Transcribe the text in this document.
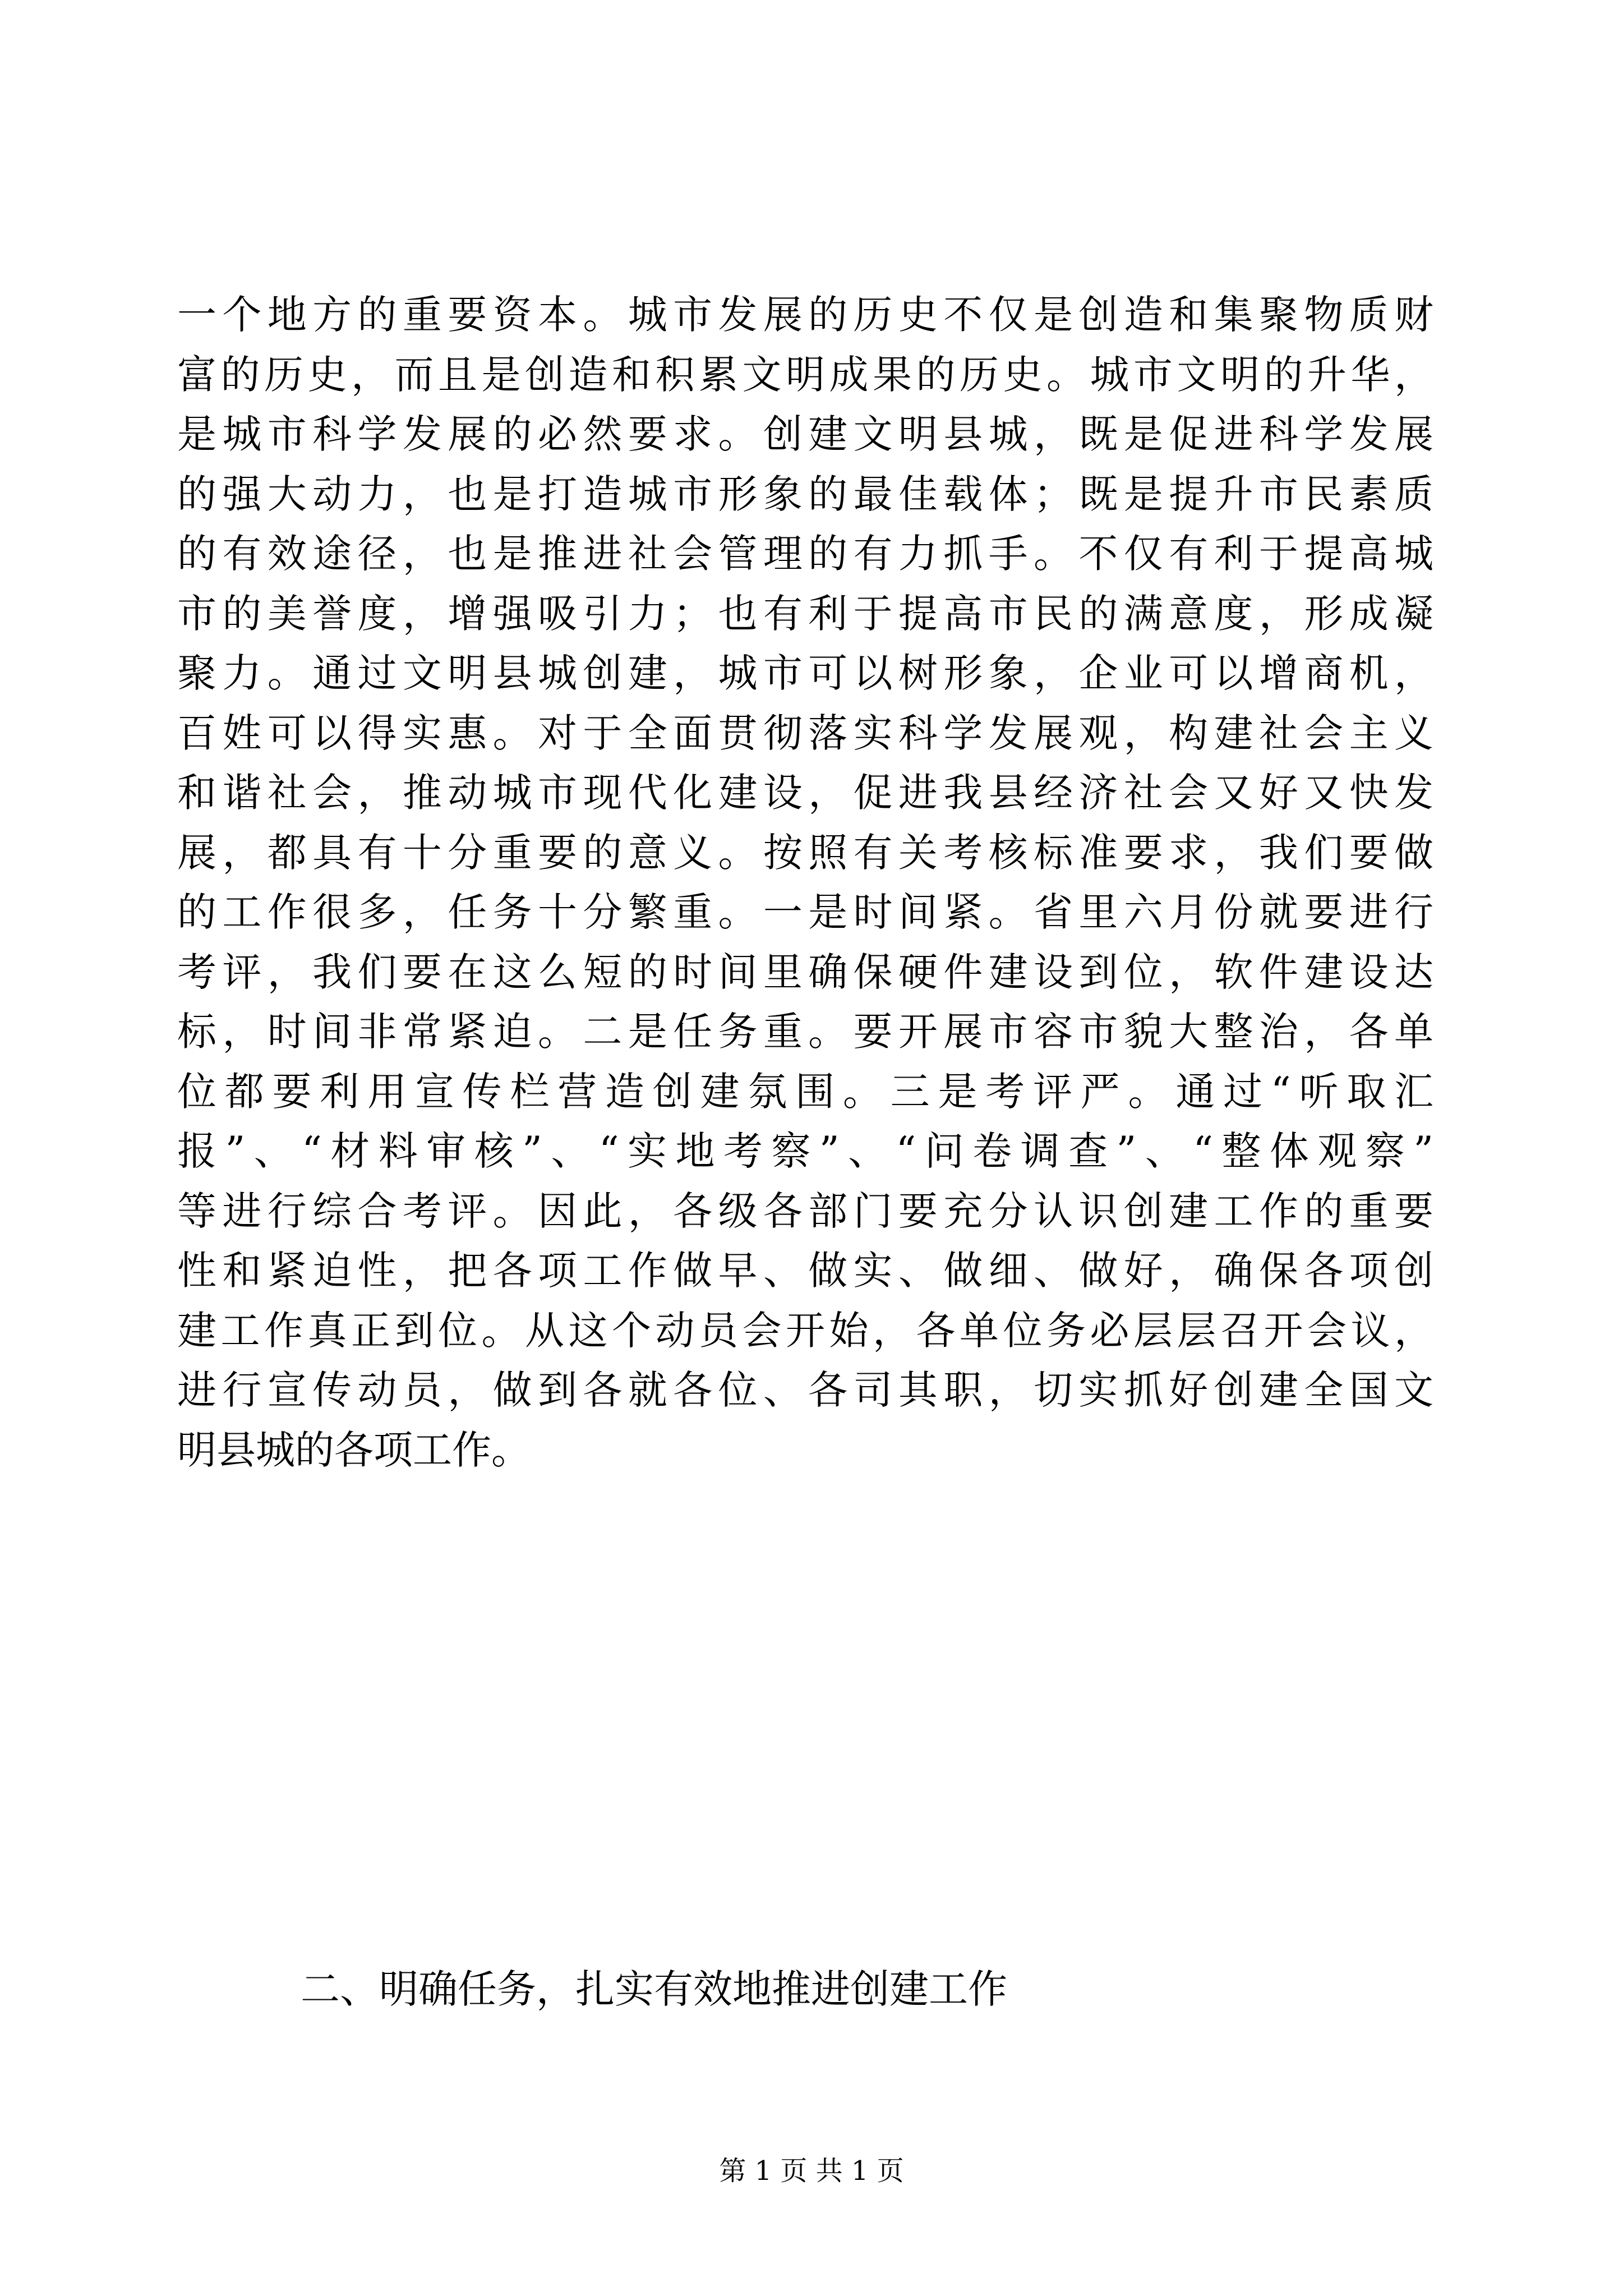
一个地方的重要资本。城市发展的历史不仅是创造和集聚物质财
富的历史，而且是创造和积累文明成果的历史。城市文明的升华，
是城市科学发展的必然要求。创建文明县城，既是促进科学发展
的强大动力，也是打造城市形象的最佳载体；既是提升市民素质
的有效途径，也是推进社会管理的有力抓手。不仅有利于提高城
市的美誉度，增强吸引力；也有利于提高市民的满意度，形成凝
聚力。通过文明县城创建，城市可以树形象，企业可以增商机，
百姓可以得实惠。对于全面贯彻落实科学发展观，构建社会主义
和谐社会，推动城市现代化建设，促进我县经济社会又好又快发
展，都具有十分重要的意义。按照有关考核标准要求，我们要做
的工作很多，任务十分繁重。一是时间紧。省里六月份就要进行
考评，我们要在这么短的时间里确保硬件建设到位，软件建设达
标，时间非常紧迫。二是任务重。要开展市容市貌大整治，各单
位都要利用宣传栏营造创建氛围。三是考评严。通过“听取汇
报”、“材料审核”、“实地考察”、“问卷调查”、“整体观察”
等进行综合考评。因此，各级各部门要充分认识创建工作的重要
性和紧迫性，把各项工作做早、做实、做细、做好，确保各项创
建工作真正到位。从这个动员会开始，各单位务必层层召开会议，
进行宣传动员，做到各就各位、各司其职，切实抓好创建全国文
明县城的各项工作。
二、明确任务，扎实有效地推进创建工作
第 1 页 共 1 页
